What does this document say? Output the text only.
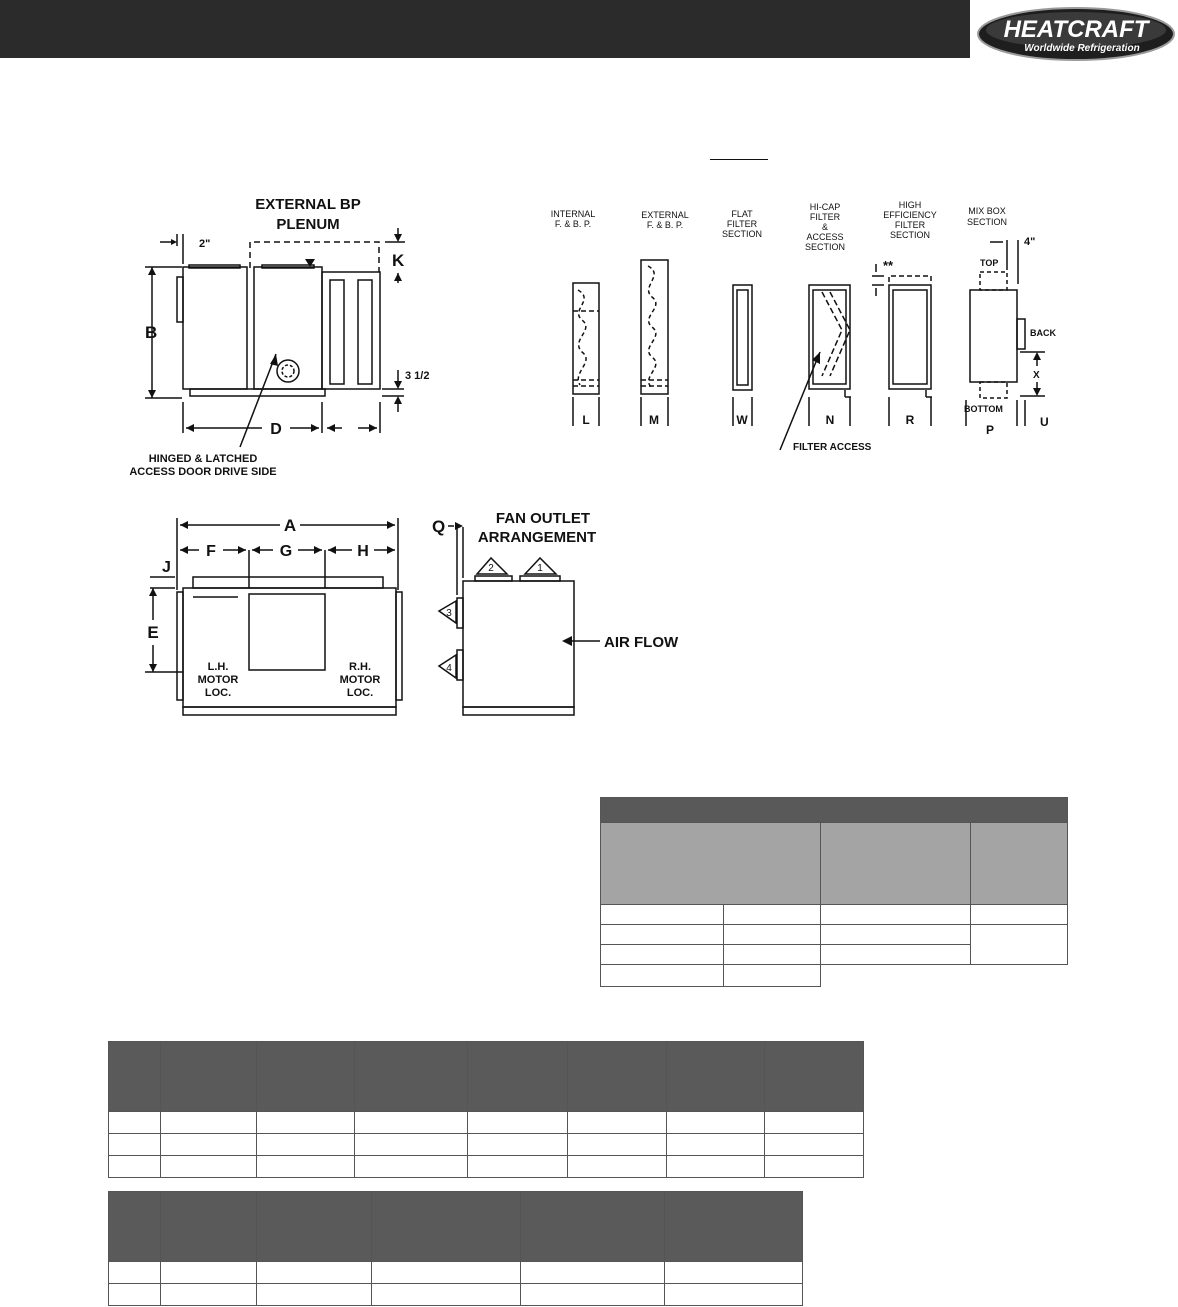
HEATCRAFT
Worldwide Refrigeration
EXTERNAL BP
PLENUM
2"
K
B
3 1/2
D
HINGED & LATCHED
ACCESS DOOR DRIVE SIDE
INTERNAL
F. & B. P.
EXTERNAL
F. & B. P.
FLAT
FILTER
SECTION
HI-CAP
FILTER
&
ACCESS
SECTION
HIGH
EFFICIENCY
FILTER
SECTION
MIX BOX
SECTION
4"
**	TOP
BACK
BOTTOM
X
L	M	W	N	R
P
U
FILTER ACCESS
A
F	G	H
J
E
L.H.
MOTOR
LOC.
R.H.
MOTOR
LOC.
Q	FAN OUTLET
ARRANGEMENT
2	1
3
4
AIR FLOW
